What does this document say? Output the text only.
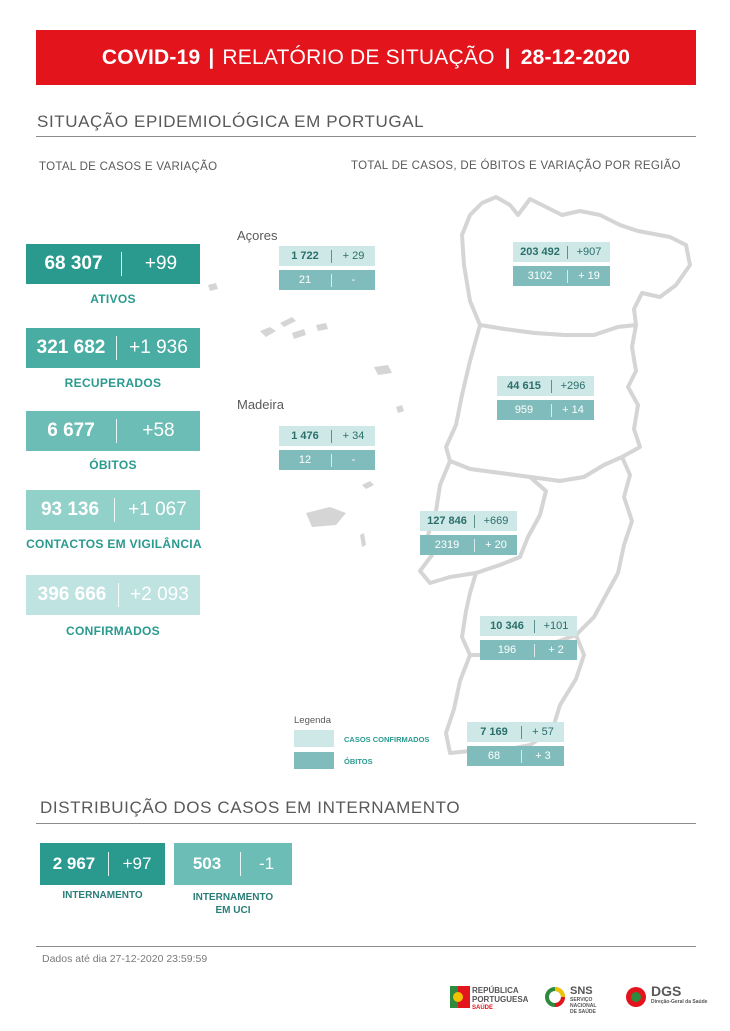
COVID-19 | RELATÓRIO DE SITUAÇÃO | 28-12-2020
SITUAÇÃO EPIDEMIOLÓGICA EM PORTUGAL
TOTAL DE CASOS E VARIAÇÃO	TOTAL DE CASOS, DE ÓBITOS E VARIAÇÃO POR REGIÃO
68 307	+99
ATIVOS
321 682	+1 936
RECUPERADOS
6 677	+58
ÓBITOS
93 136	+1 067
CONTACTOS EM VIGILÂNCIA
396 666	+2 093
CONFIRMADOS
Açores
Madeira
1 722	+ 29
21	-
1 476	+ 34
12	-
203 492	+907
3102	+ 19
44 615	+296
959	+ 14
127 846	+669
2319	+ 20
10 346	+101
196	+ 2
7 169	+ 57
68	+ 3
Legenda
CASOS CONFIRMADOS
ÓBITOS
DISTRIBUIÇÃO DOS CASOS EM INTERNAMENTO
2 967	+97
INTERNAMENTO
503	-1
INTERNAMENTO
EM UCI
Dados até dia 27-12-2020 23:59:59
REPÚBLICA
PORTUGUESA
SAÚDE
SNS
SERVIÇO NACIONAL
DE SAÚDE
DGS
Direção-Geral da Saúde
